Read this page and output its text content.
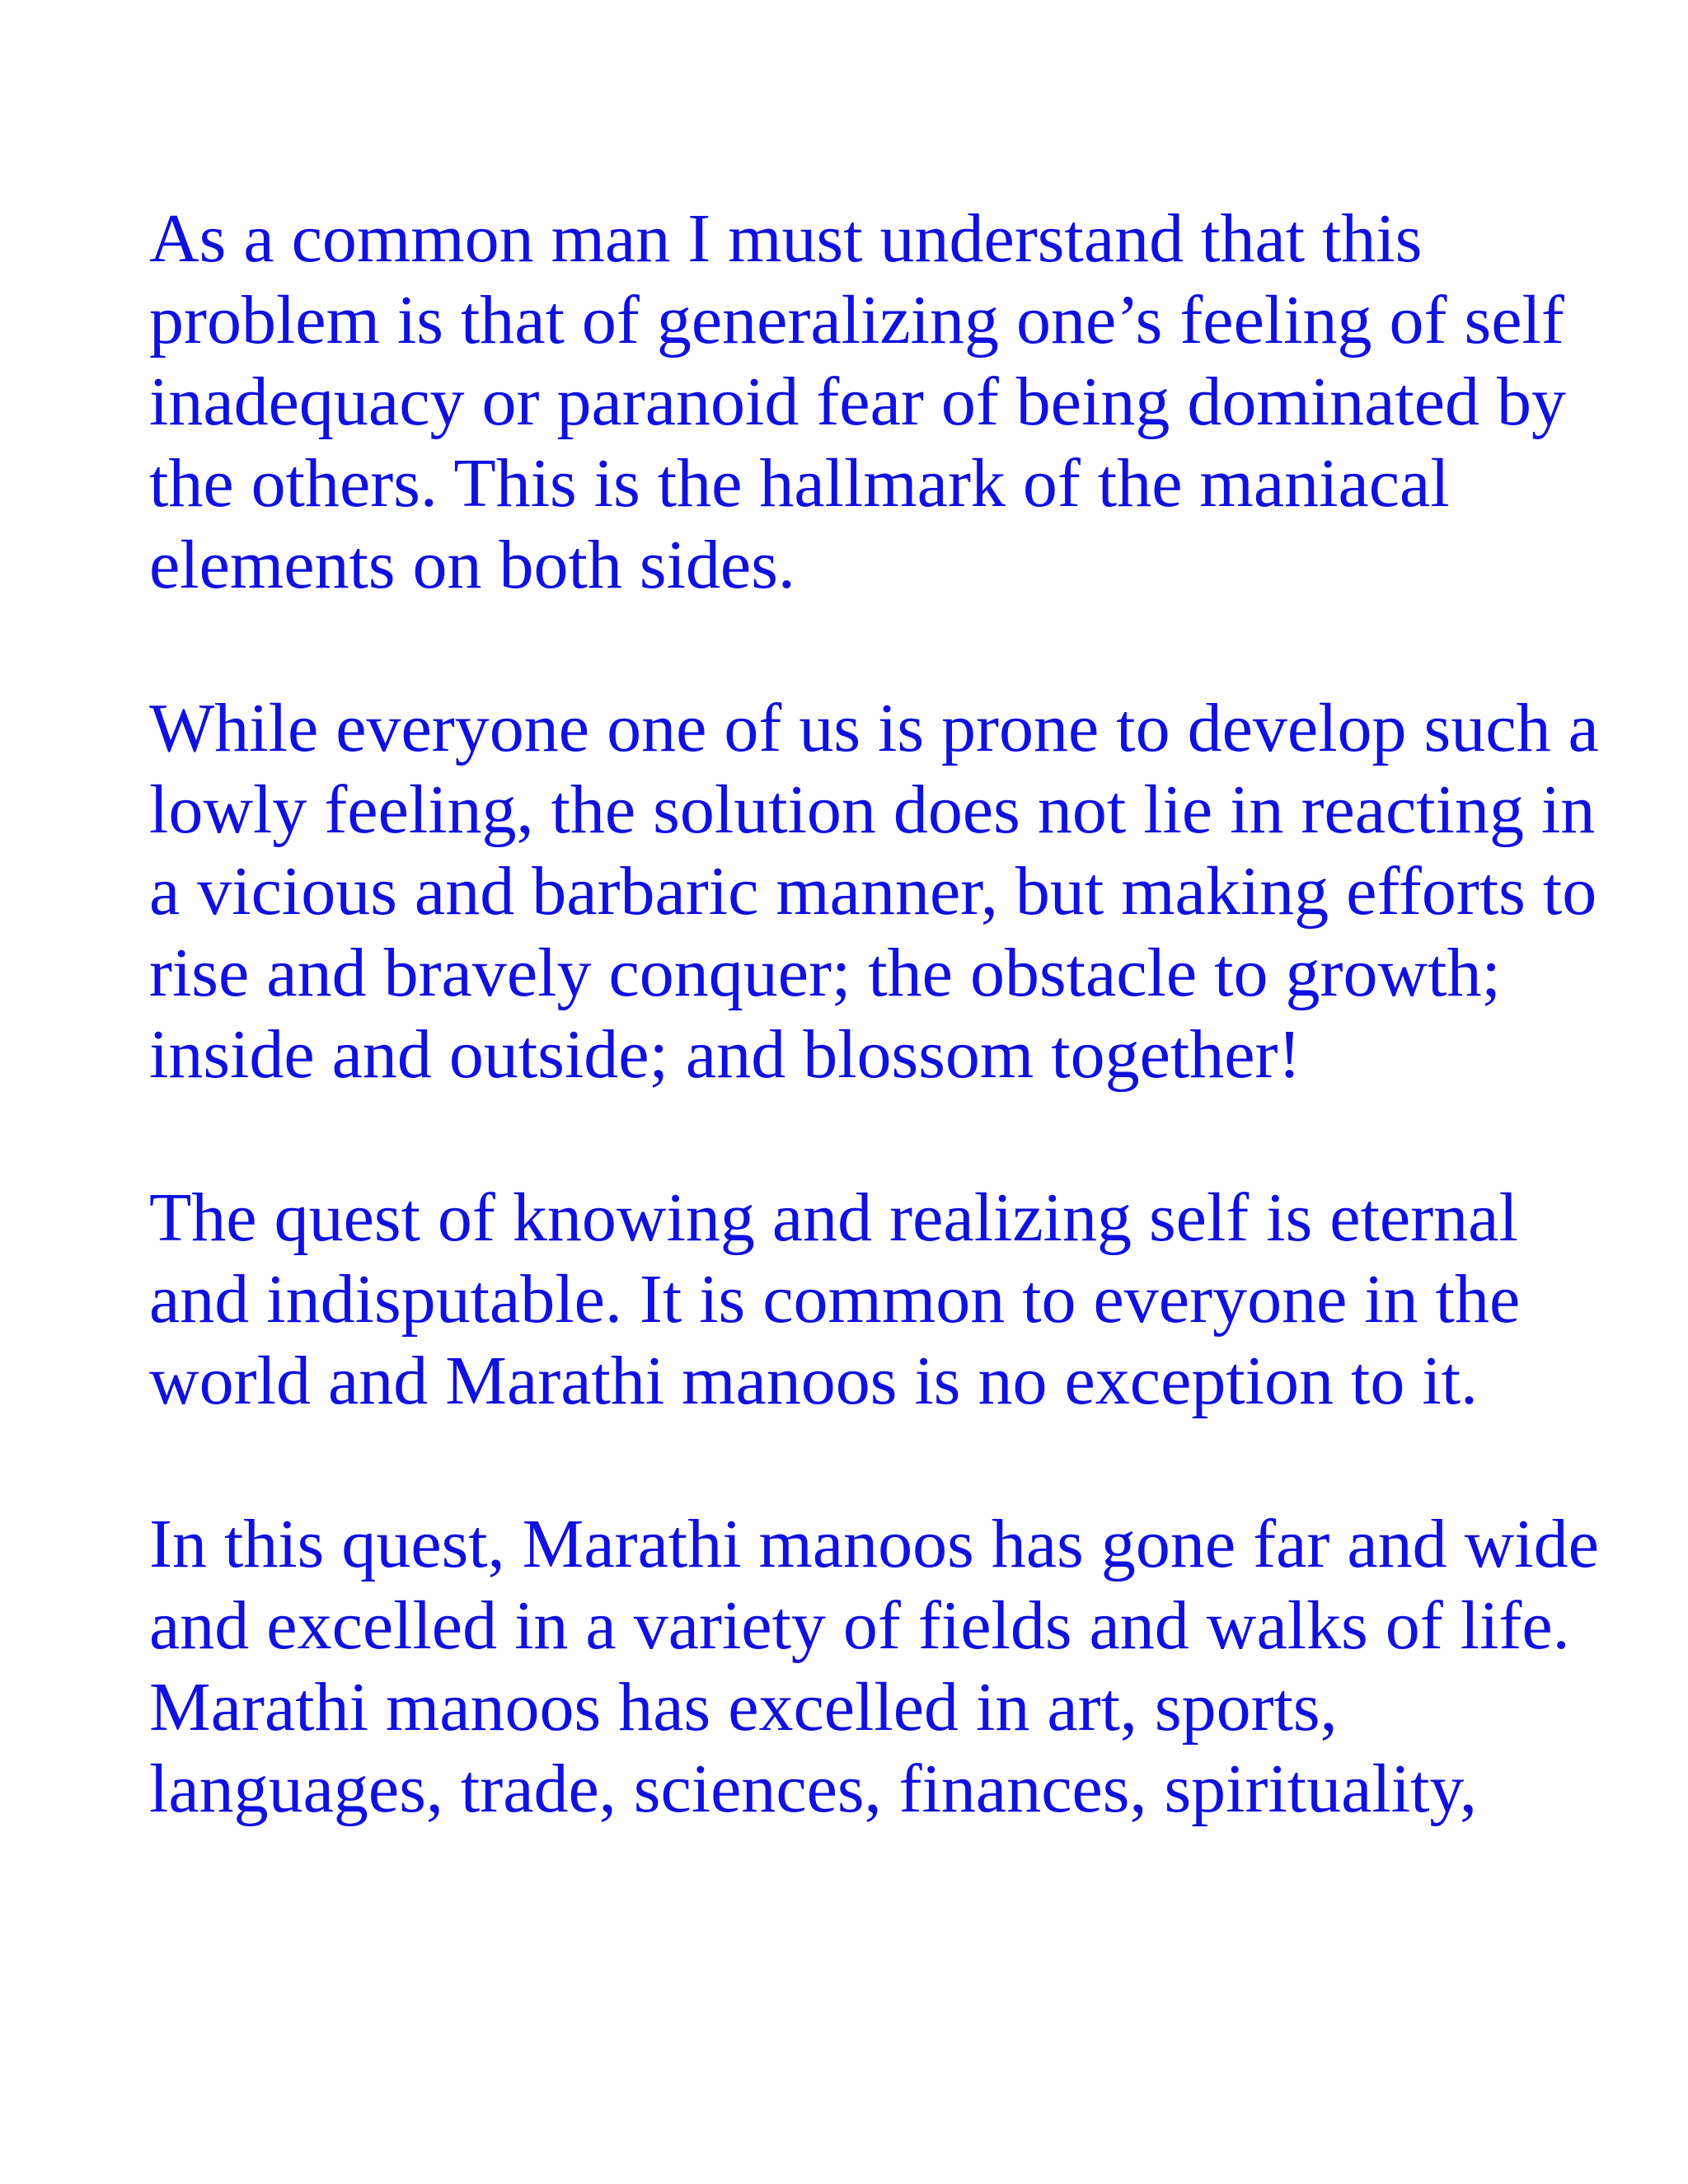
As a common man I must understand that this
problem is that of generalizing one’s feeling of self
inadequacy or paranoid fear of being dominated by
the others. This is the hallmark of the maniacal
elements on both sides.

While everyone one of us is prone to develop such a
lowly feeling, the solution does not lie in reacting in
a vicious and barbaric manner, but making efforts to
rise and bravely conquer; the obstacle to growth;
inside and outside; and blossom together!

The quest of knowing and realizing self is eternal
and indisputable. It is common to everyone in the
world and Marathi manoos is no exception to it.

In this quest, Marathi manoos has gone far and wide
and excelled in a variety of fields and walks of life.
Marathi manoos has excelled in art, sports,
languages, trade, sciences, finances, spirituality,
